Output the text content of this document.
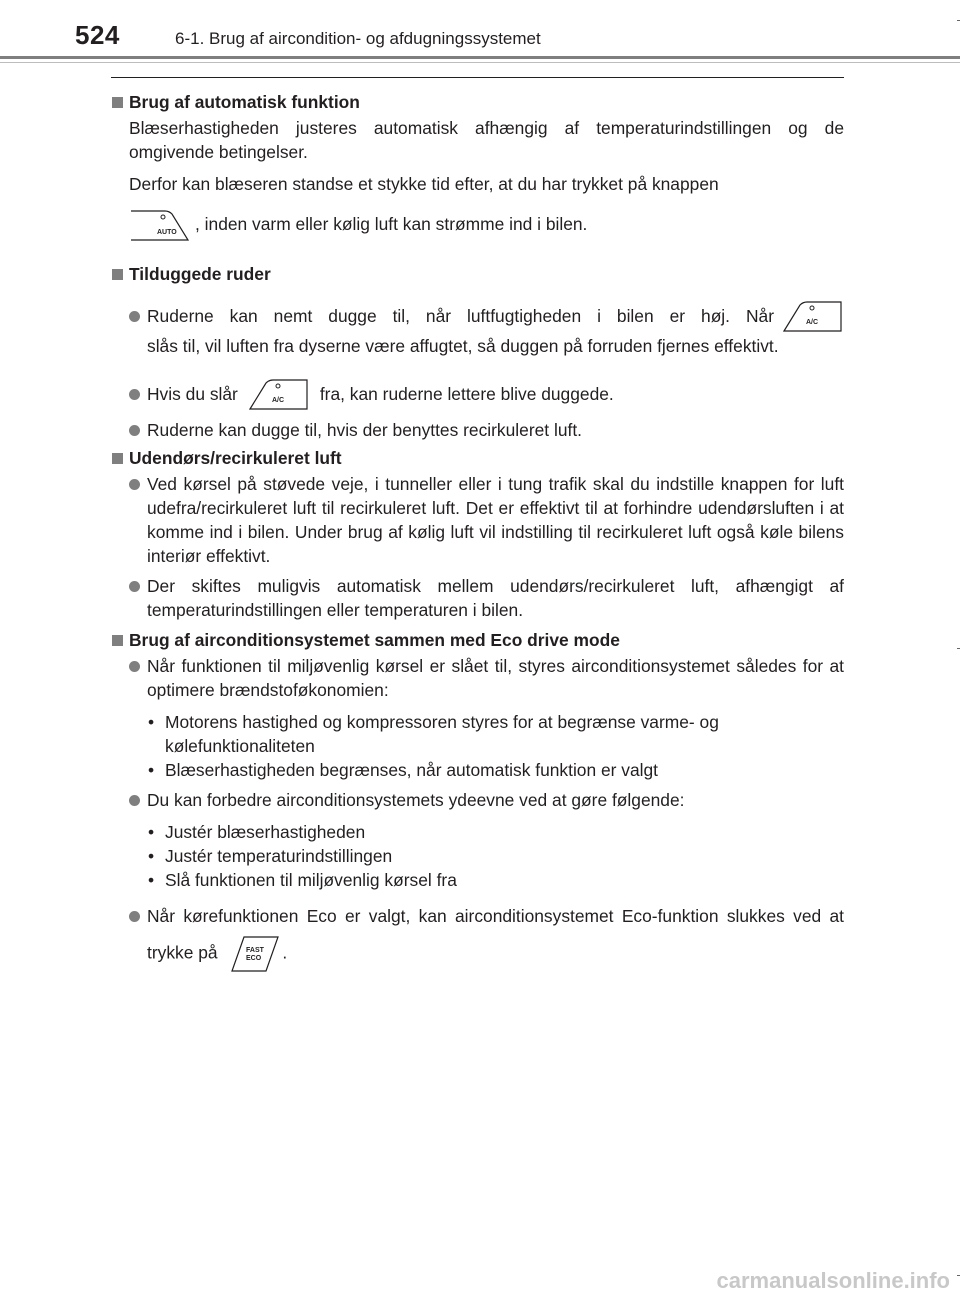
524	6-1. Brug af aircondition- og afdugningssystemet
Brug af automatisk funktion

Blæserhastigheden justeres automatisk afhængig af temperaturindstillingen og de omgivende betingelser.

Derfor kan blæseren standse et stykke tid efter, at du har trykket på knappen

AUTO , inden varm eller kølig luft kan strømme ind i bilen.

Tilduggede ruder
Ruderne kan nemt dugge til, når luftfugtigheden i bilen er høj. Når	A/C
slås til, vil luften fra dyserne være affugtet, så duggen på forruden fjernes effektivt.
Hvis du slår	A/C fra, kan ruderne lettere blive duggede.
Ruderne kan dugge til, hvis der benyttes recirkuleret luft.
Udendørs/recirkuleret luft
Ved kørsel på støvede veje, i tunneller eller i tung trafik skal du indstille knappen for luft udefra/recirkuleret luft til recirkuleret luft. Det er effektivt til at forhindre udendørsluften i at komme ind i bilen. Under brug af kølig luft vil indstilling til recirkuleret luft også køle bilens interiør effektivt.
Der skiftes muligvis automatisk mellem udendørs/recirkuleret luft, afhængigt af temperaturindstillingen eller temperaturen i bilen.
Brug af airconditionsystemet sammen med Eco drive mode
Når funktionen til miljøvenlig kørsel er slået til, styres airconditionsystemet således for at optimere brændstoføkonomien:
• Motorens hastighed og kompressoren styres for at begrænse varme- og kølefunktionaliteten
• Blæserhastigheden begrænses, når automatisk funktion er valgt
Du kan forbedre airconditionsystemets ydeevne ved at gøre følgende:
• Justér blæserhastigheden
• Justér temperaturindstillingen
• Slå funktionen til miljøvenlig kørsel fra
Når kørefunktionen Eco er valgt, kan airconditionsystemet Eco-funktion slukkes ved at trykke på	FAST
ECO .
carmanualsonline.info
